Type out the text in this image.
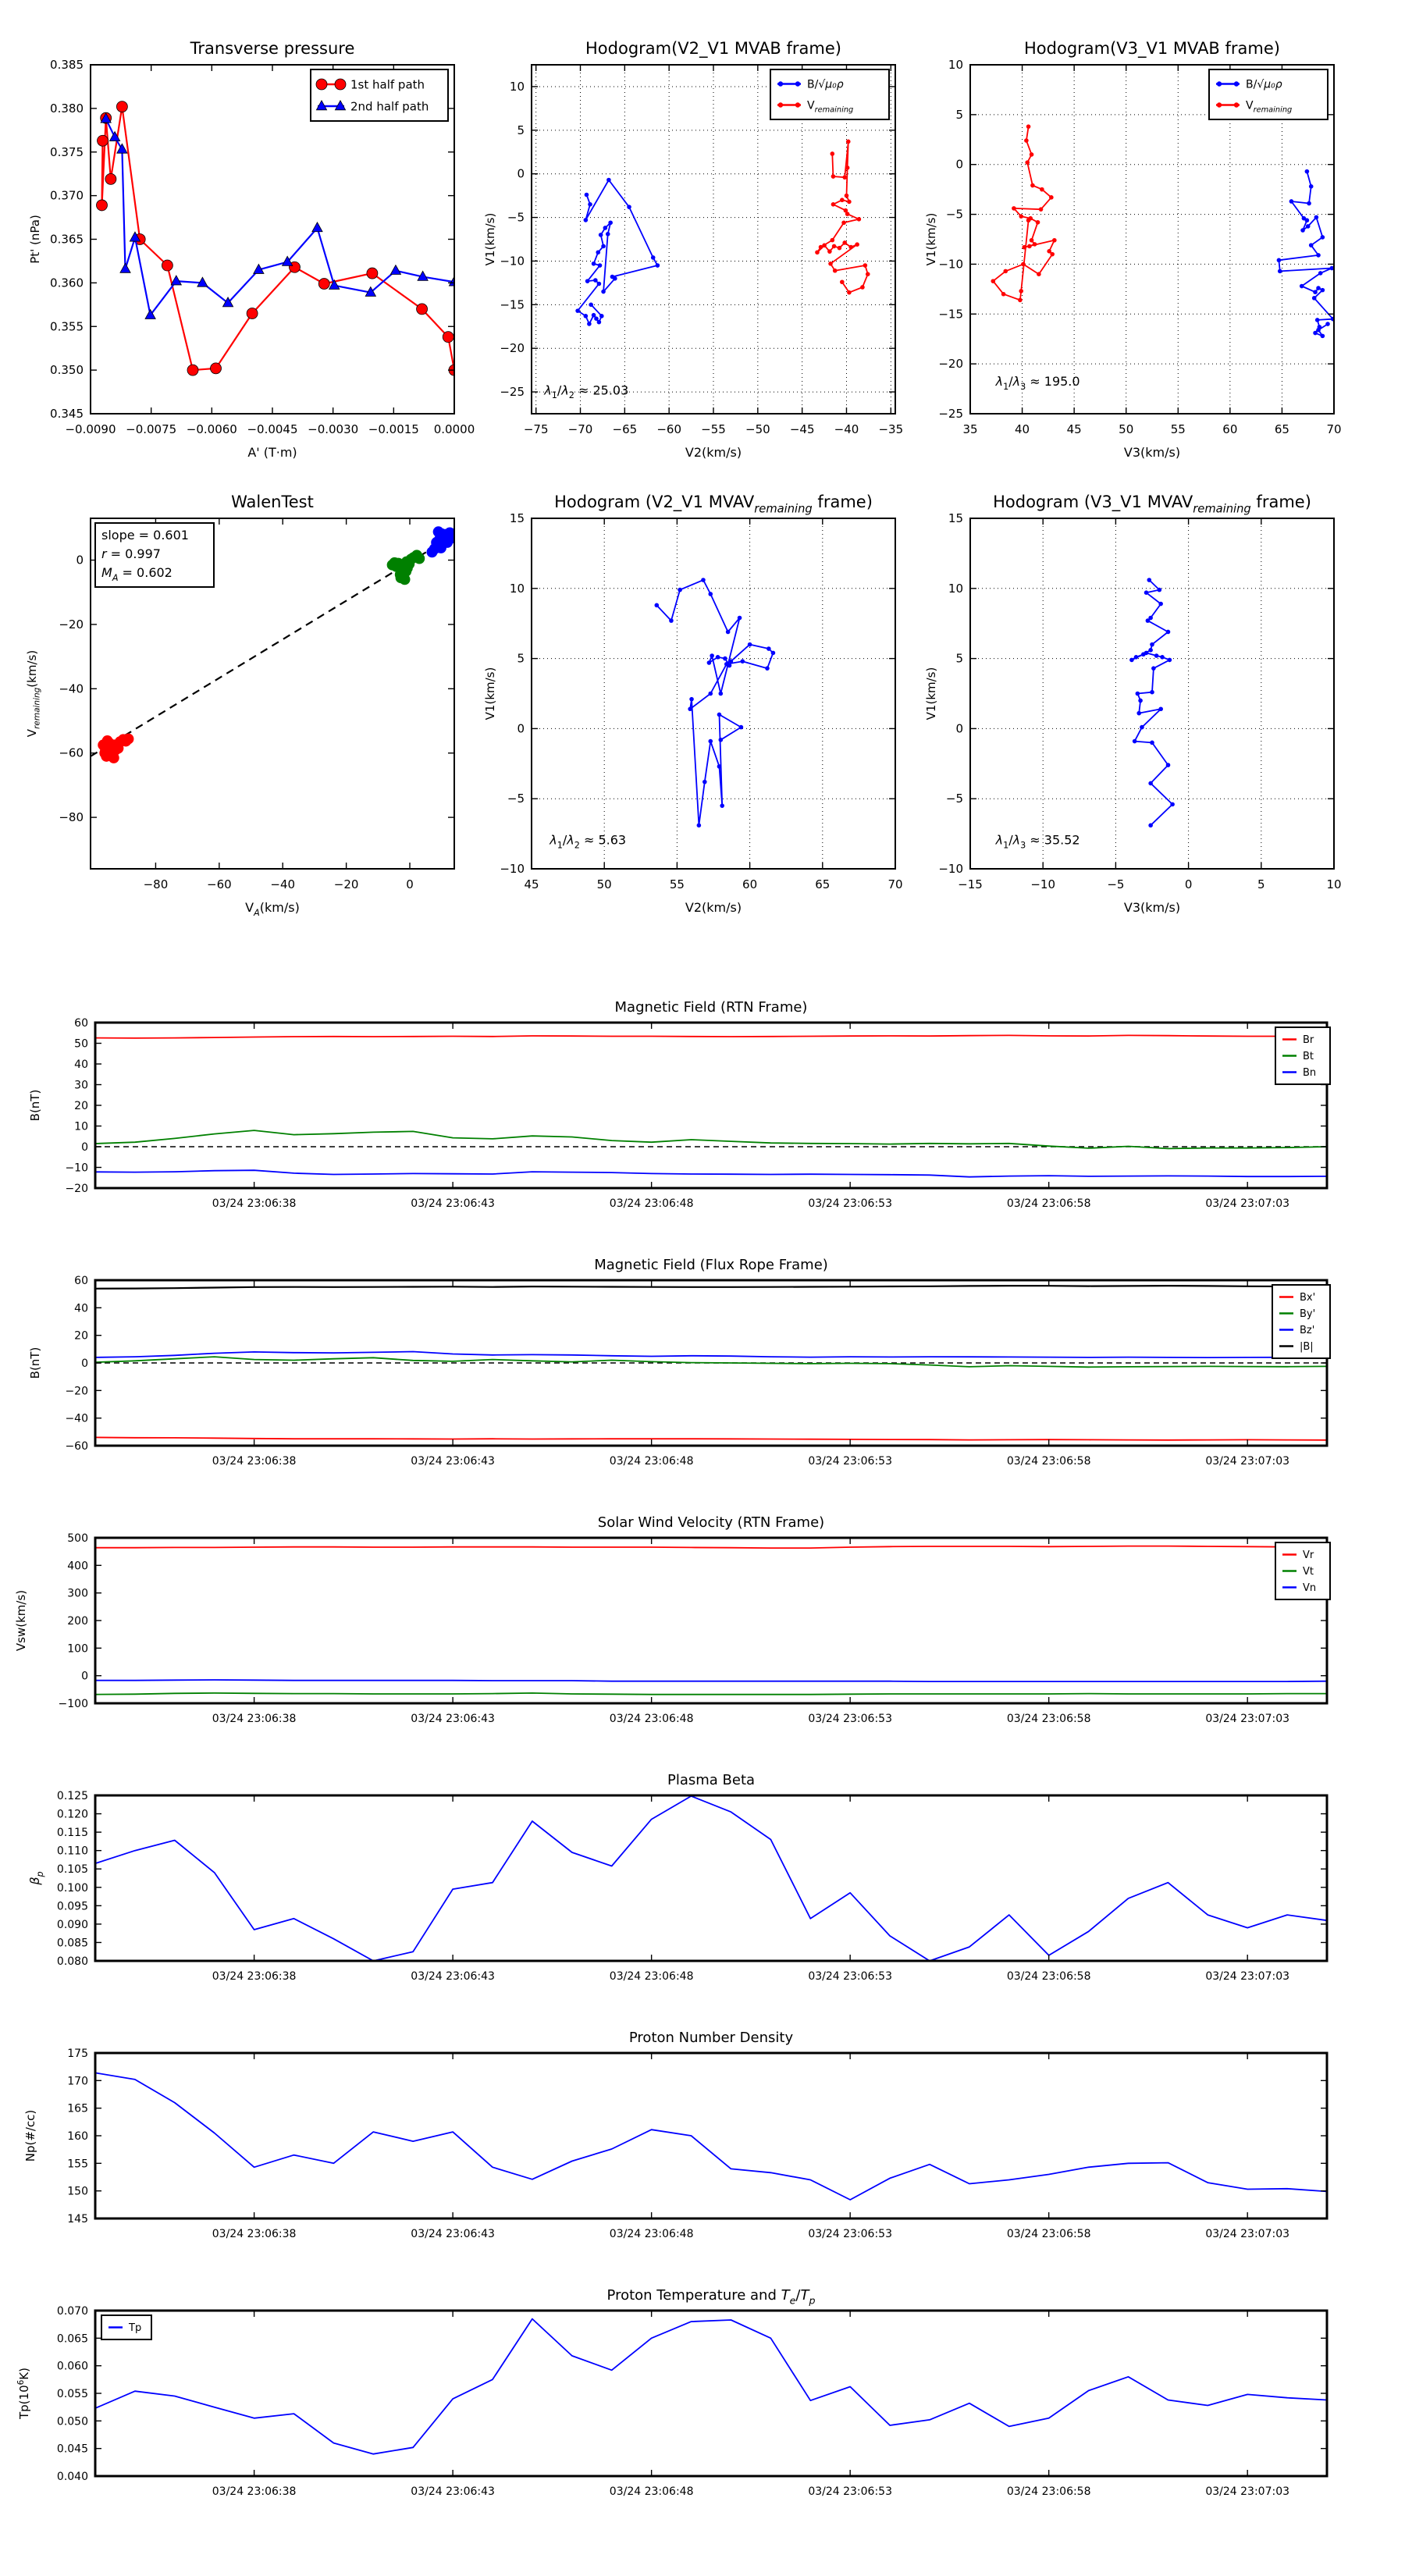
−0.0090 −0.0075 −0.0060 −0.0045 −0.0030 −0.0015 0.0000
0.345
0.350
0.355
0.360
0.365
0.370
0.375
0.380
0.385
Transverse pressure
A' (T·m)
Pt' (nPa)
1st half path
2nd half path
−75 −70 −65 −60 −55 −50 −45 −40 −35
−25
−20
−15
−10
−5
0
5
10
Hodogram(V2_V1 MVAB frame)
V2(km/s)
V1(km/s)
B/√μ₀ρ
$V_{remaining}$
$\lambda_1/\lambda_2 \approx 25.03$
35	40	45	50	55	60	65	70
−25
−20
−15
−10
−5
0
5
10
Hodogram(V3_V1 MVAB frame)
V3(km/s)
V1(km/s)
B/√μ₀ρ
$V_{remaining}$
$\lambda_1/\lambda_3 \approx 195.0$
−80	−60	−40	−20	0
−80
−60
−40
−20
0
WalenTest
$V_A(km/s)$
$V_{remaining}(km/s)$
slope = 0.601
r = 0.997
$M_A = 0.602$
45	50	55	60	65	70
−10
−5
0
5
10
15
Hodogram (V2_V1 $MVAV_{remaining}$ frame)
V2(km/s)
V1(km/s)
$\lambda_1/\lambda_2 \approx 5.63$
−15	−10	−5	0	5	10
−10
−5
0
5
10
15
Hodogram (V3_V1 $MVAV_{remaining}$ frame)
V3(km/s)
V1(km/s)
$\lambda_1/\lambda_3 \approx 35.52$
03/24 23:06:38	03/24 23:06:43	03/24 23:06:48	03/24 23:06:53	03/24 23:06:58	03/24 23:07:03
−20
−10
0
10
20
30
40
50
60
Magnetic Field (RTN Frame)
B(nT)
Br
Bt
Bn
03/24 23:06:38	03/24 23:06:43	03/24 23:06:48	03/24 23:06:53	03/24 23:06:58	03/24 23:07:03
−60
−40
−20
0
20
40
60
Magnetic Field (Flux Rope Frame)
B(nT)
Bx'
By'
Bz'
|B|
03/24 23:06:38	03/24 23:06:43	03/24 23:06:48	03/24 23:06:53	03/24 23:06:58	03/24 23:07:03
−100
0
100
200
300
400
500
Solar Wind Velocity (RTN Frame)
Vsw(km/s)
Vr
Vt
Vn
03/24 23:06:38	03/24 23:06:43	03/24 23:06:48	03/24 23:06:53	03/24 23:06:58	03/24 23:07:03
0.080
0.085
0.090
0.095
0.100
0.105
0.110
0.115
0.120
0.125
Plasma Beta
$\beta_p$
03/24 23:06:38	03/24 23:06:43	03/24 23:06:48	03/24 23:06:53	03/24 23:06:58	03/24 23:07:03
145
150
155
160
165
170
175
Proton Number Density
Np(#/cc)
03/24 23:06:38	03/24 23:06:43	03/24 23:06:48	03/24 23:06:53	03/24 23:06:58	03/24 23:07:03
0.040
0.045
0.050
0.055
0.060
0.065
0.070
Proton Temperature and $T_e/T_p$
$Tp(10^6K)$
Tp
